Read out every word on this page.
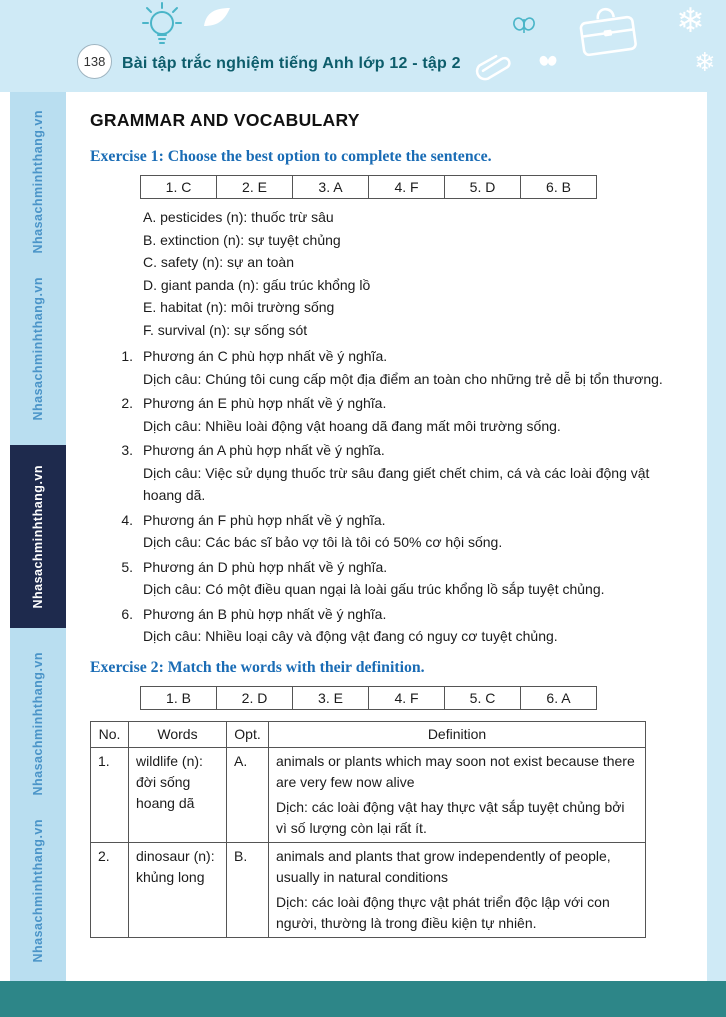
❄
❄
138 Bài tập trắc nghiệm tiếng Anh lớp 12 - tập 2
Nhasachminhthang.vn
Nhasachminhthang.vn
Nhasachminhthang.vn
Nhasachminhthang.vn
Nhasachminhthang.vn
GRAMMAR AND VOCABULARY
Exercise 1: Choose the best option to complete the sentence.
1. C	2. E	3. A	4. F	5. D	6. B
A. pesticides (n): thuốc trừ sâu
B. extinction (n): sự tuyệt chủng
C. safety (n): sự an toàn
D. giant panda (n): gấu trúc khổng lồ
E. habitat (n): môi trường sống
F. survival (n): sự sống sót
1. Phương án C phù hợp nhất về ý nghĩa.
Dịch câu: Chúng tôi cung cấp một địa điểm an toàn cho những trẻ dễ bị tổn thương.
2. Phương án E phù hợp nhất về ý nghĩa.
Dịch câu: Nhiều loài động vật hoang dã đang mất môi trường sống.
3. Phương án A phù hợp nhất về ý nghĩa.
Dịch câu: Việc sử dụng thuốc trừ sâu đang giết chết chim, cá và các loài động vật hoang dã.
4. Phương án F phù hợp nhất về ý nghĩa.
Dịch câu: Các bác sĩ bảo vợ tôi là tôi có 50% cơ hội sống.
5. Phương án D phù hợp nhất về ý nghĩa.
Dịch câu: Có một điều quan ngại là loài gấu trúc khổng lồ sắp tuyệt chủng.
6. Phương án B phù hợp nhất về ý nghĩa.
Dịch câu: Nhiều loại cây và động vật đang có nguy cơ tuyệt chủng.
Exercise 2: Match the words with their definition.
1. B	2. D	3. E	4. F	5. C	6. A
No.	Words	Opt.	Definition
1.	wildlife (n): đời sống hoang dã	A.	animals or plants which may soon not exist because there are very few now alive
Dịch: các loài động vật hay thực vật sắp tuyệt chủng bởi vì số lượng còn lại rất ít.

2.	dinosaur (n): khủng long	B.	animals and plants that grow independently of people, usually in natural conditions
Dịch: các loài động thực vật phát triển độc lập với con người, thường là trong điều kiện tự nhiên.
